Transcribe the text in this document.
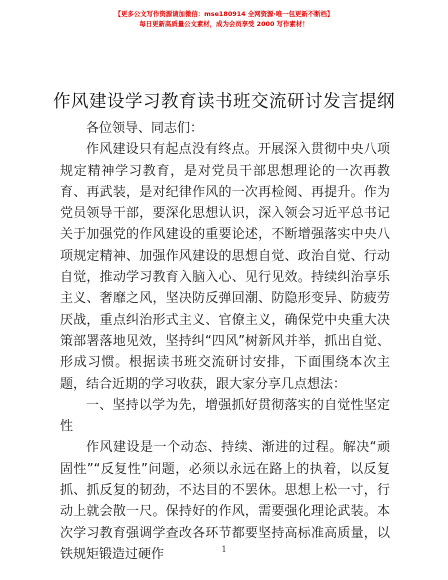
【更多公文写作资源请加微信：mse180914 全网资源·唯一包更新不断档】
每日更新高质量公文素材，成为会员享受 2000 写作素材！
作风建设学习教育读书班交流研讨发言提纲

各位领导、同志们：

作风建设只有起点没有终点。开展深入贯彻中央八项规定精神学习教育，是对党员干部思想理论的一次再教育、再武装，是对纪律作风的一次再检阅、再提升。作为党员领导干部，要深化思想认识，深入领会习近平总书记关于加强党的作风建设的重要论述，不断增强落实中央八项规定精神、加强作风建设的思想自觉、政治自觉、行动自觉，推动学习教育入脑入心、见行见效。持续纠治享乐主义、奢靡之风，坚决防反弹回潮、防隐形变异、防疲劳厌战，重点纠治形式主义、官僚主义，确保党中央重大决策部署落地见效，坚持纠“四风”树新风并举，抓出自觉、形成习惯。根据读书班交流研讨安排，下面围绕本次主题，结合近期的学习收获，跟大家分享几点想法：

一、坚持以学为先，增强抓好贯彻落实的自觉性坚定性

作风建设是一个动态、持续、渐进的过程。解决“顽固性”“反复性”问题，必须以永远在路上的执着，以反复抓、抓反复的韧劲，不达目的不罢休。思想上松一寸，行动上就会散一尺。保持好的作风，需要强化理论武装。本次学习教育强调学查改各环节都要坚持高标准高质量，以铁规矩锻造过硬作	1
